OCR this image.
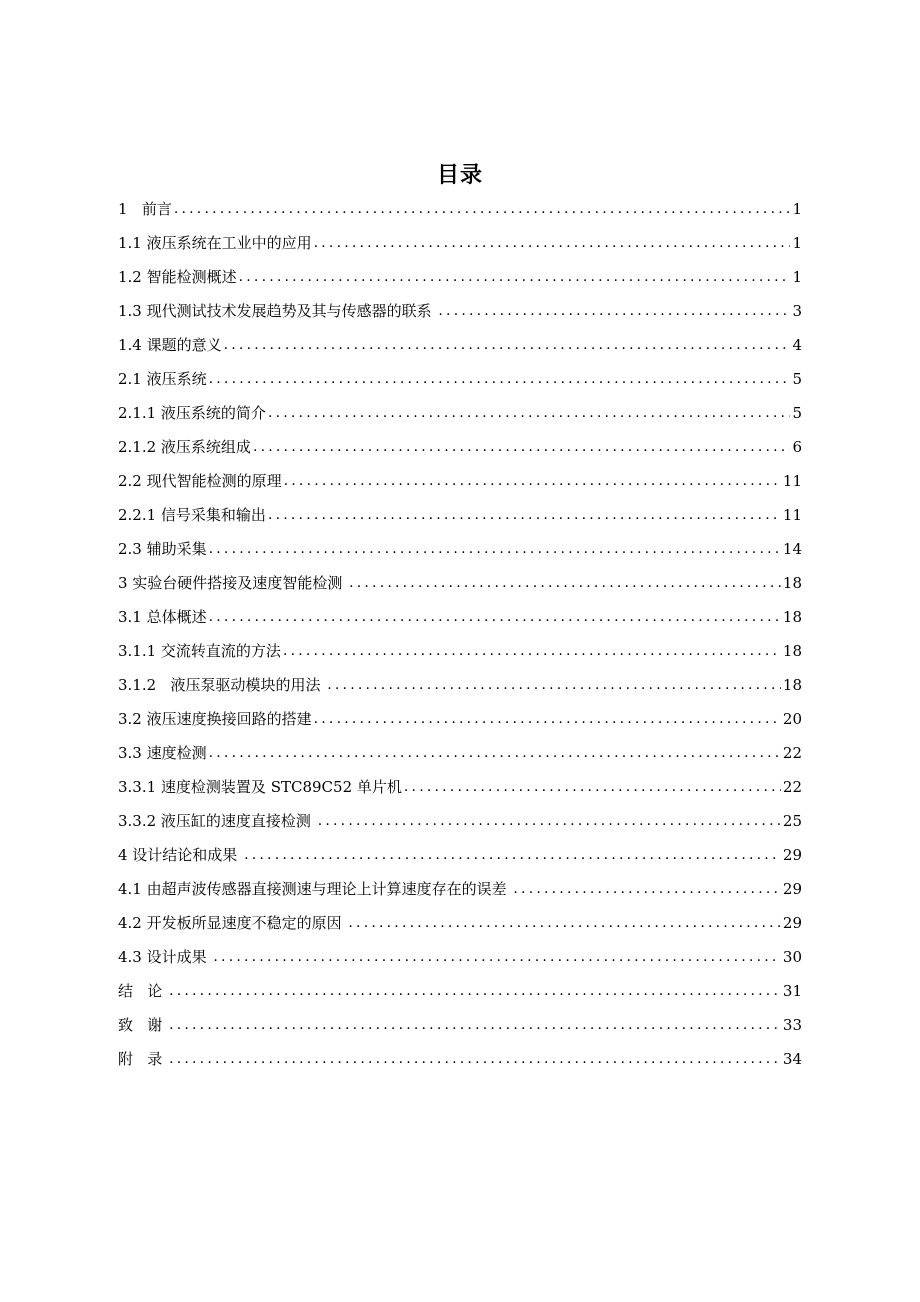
目录
1   前言 .....	1
1.1 液压系统在工业中的应用 .....	1
1.2 智能检测概述 .....	1
1.3 现代测试技术发展趋势及其与传感器的联系 .....	3
1.4 课题的意义 .....	4
2.1 液压系统 .....	5
2.1.1 液压系统的简介 .....	5
2.1.2 液压系统组成 .....	6
2.2 现代智能检测的原理 .....	11
2.2.1 信号采集和输出 .....	11
2.3 辅助采集 .....	14
3 实验台硬件搭接及速度智能检测 .....	18
3.1 总体概述 .....	18
3.1.1 交流转直流的方法 .....	18
3.1.2   液压泵驱动模块的用法 .....	18
3.2 液压速度换接回路的搭建 .....	20
3.3 速度检测 .....	22
3.3.1 速度检测装置及 STC89C52 单片机 .....	22
3.3.2 液压缸的速度直接检测 .....	25
4 设计结论和成果 .....	29
4.1 由超声波传感器直接测速与理论上计算速度存在的误差 .....	29
4.2 开发板所显速度不稳定的原因 .....	29
4.3 设计成果 .....	30
结   论 .....	31
致   谢 .....	33
附   录 .....	34
